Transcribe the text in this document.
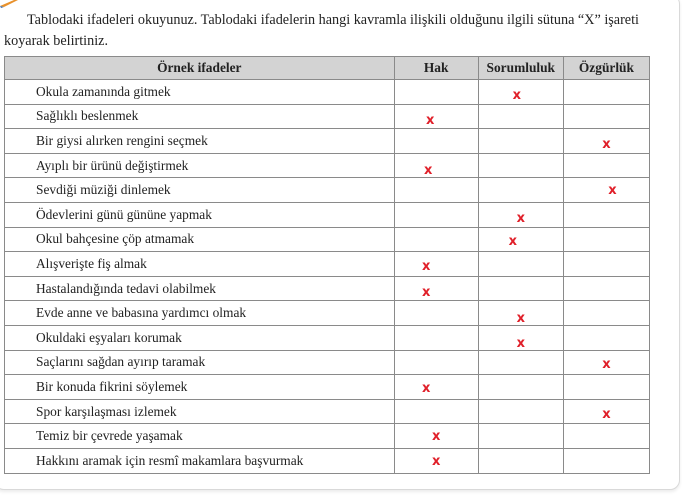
Tablodaki ifadeleri okuyunuz. Tablodaki ifadelerin hangi kavramla ilişkili olduğunu ilgili sütuna “X” işareti koyarak belirtiniz.

Örnek ifadeler	Hak	Sorumluluk	Özgürlük
Okula zamanında gitmek		x	
Sağlıklı beslenmek	x		
Bir giysi alırken rengini seçmek			x
Ayıplı bir ürünü değiştirmek	x		
Sevdiği müziği dinlemek			x
Ödevlerini günü gününe yapmak		x	
Okul bahçesine çöp atmamak		x	
Alışverişte fiş almak	x		
Hastalandığında tedavi olabilmek	x		
Evde anne ve babasına yardımcı olmak		x	
Okuldaki eşyaları korumak		x	
Saçlarını sağdan ayırıp taramak			x
Bir konuda fikrini söylemek	x		
Spor karşılaşması izlemek			x
Temiz bir çevrede yaşamak	x		
Hakkını aramak için resmî makamlara başvurmak	x		
